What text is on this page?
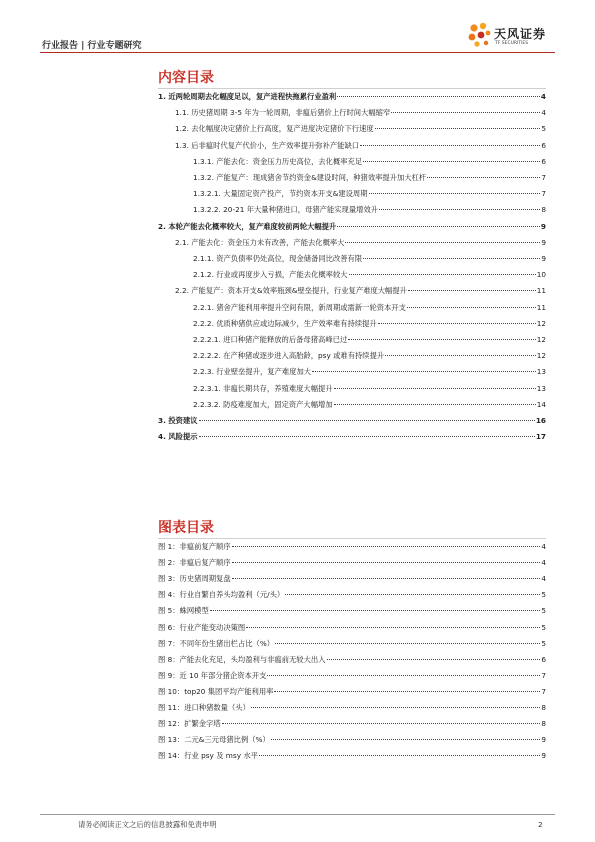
行业报告 | 行业专题研究
天风证券
TF SECURITIES
内容目录
1. 近两轮周期去化幅度足以，复产进程快拖累行业盈利	4
1.1. 历史猪周期 3-5 年为一轮周期，非瘟后猪价上行时间大幅缩窄	4
1.2. 去化幅度决定猪价上行高度，复产进度决定猪价下行速度	5
1.3. 后非瘟时代复产代价小，生产效率提升弥补产能缺口	6
1.3.1. 产能去化：资金压力历史高位，去化概率充足	6
1.3.2. 产能复产：现成猪舍节约资金&建设时间，种猪效率提升加大杠杆	7
1.3.2.1. 大量固定资产投产，节约资本开支&建设周期	7
1.3.2.2. 20-21 年大量种猪进口，母猪产能实现量增效升	8
2. 本轮产能去化概率较大，复产难度较前两轮大幅提升	9
2.1. 产能去化：资金压力未有改善，产能去化概率大	9
2.1.1. 资产负债率仍处高位，现金储备同比改善有限	9
2.1.2. 行业或再度步入亏损，产能去化概率较大	10
2.2. 产能复产：资本开支&效率瓶颈&壁垒提升，行业复产难度大幅提升	11
2.2.1. 猪舍产能利用率提升空间有限，新周期或需新一轮资本开支	11
2.2.2. 优质种猪供应或边际减少，生产效率难有持续提升	12
2.2.2.1. 进口种猪产能释放的后备母猪高峰已过	12
2.2.2.2. 在产种猪或逐步进入高胎龄，psy 或难有持续提升	12
2.2.3. 行业壁垒提升，复产难度加大	13
2.2.3.1. 非瘟长期共存，养殖难度大幅提升	13
2.2.3.2. 防疫难度加大，固定资产大幅增加	14
3. 投资建议	16
4. 风险提示	17
图表目录
图 1：非瘟前复产顺序	4
图 2：非瘟后复产顺序	4
图 3：历史猪周期复盘	4
图 4：行业自繁自养头均盈利（元/头）	5
图 5：蛛网模型	5
图 6：行业产能变动决策图	5
图 7：不同年份生猪出栏占比（%）	5
图 8：产能去化充足，头均盈利与非瘟前无较大出入	6
图 9：近 10 年部分猪企资本开支	7
图 10：top20 集团平均产能利用率	7
图 11：进口种猪数量（头）	8
图 12：扩繁金字塔	8
图 13：二元&三元母猪比例（%）	9
图 14：行业 psy 及 msy 水平	9
请务必阅读正文之后的信息披露和免责申明	2
